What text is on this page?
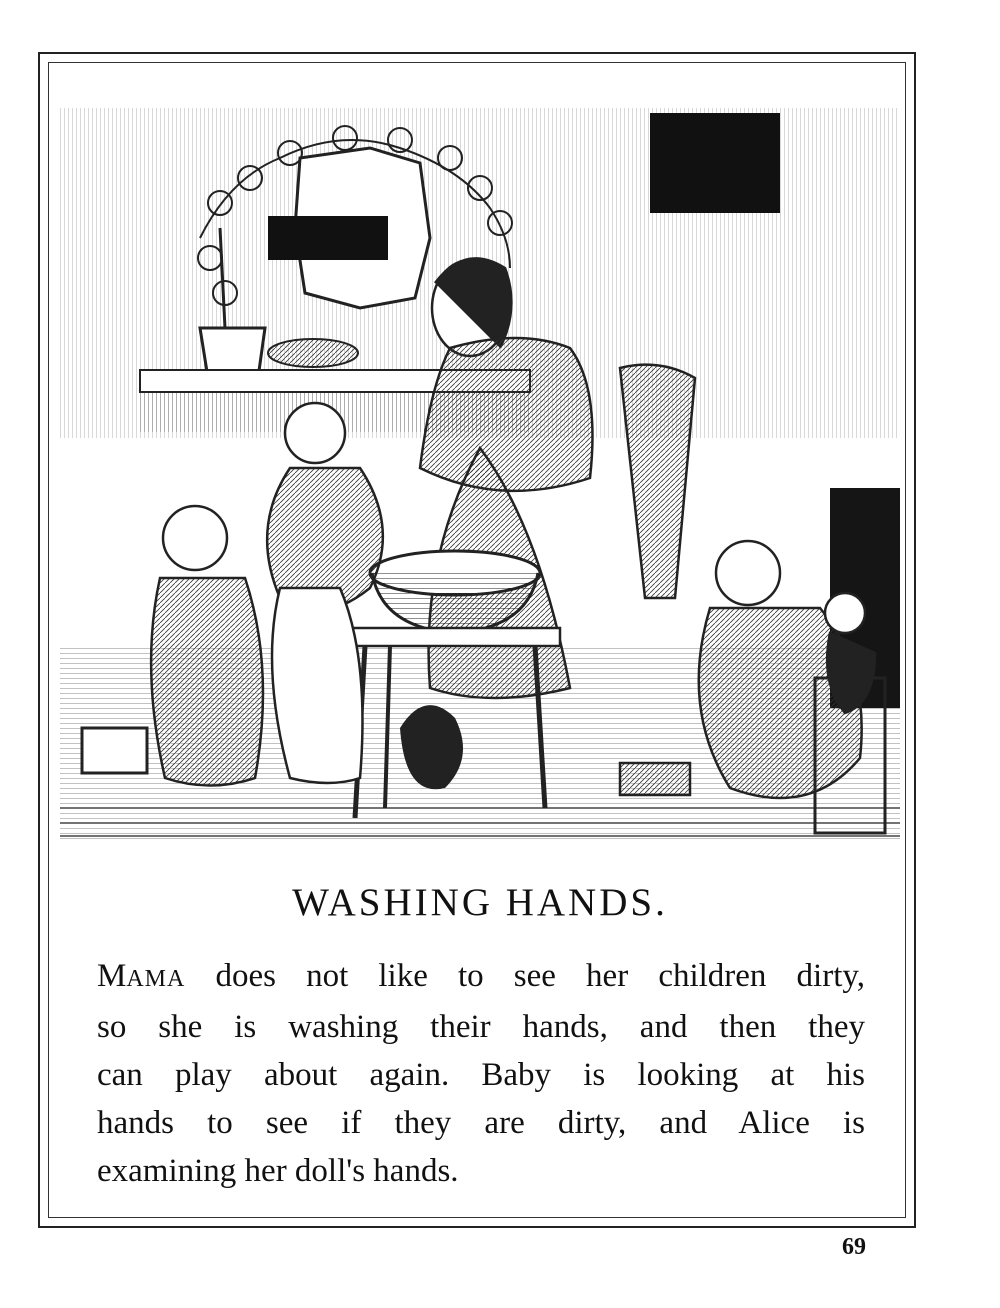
WASHING HANDS.

MAMA does not like to see her children dirty,
so she is washing their hands, and then they
can play about again. Baby is looking at his
hands to see if they are dirty, and Alice is
examining her doll's hands.

69
